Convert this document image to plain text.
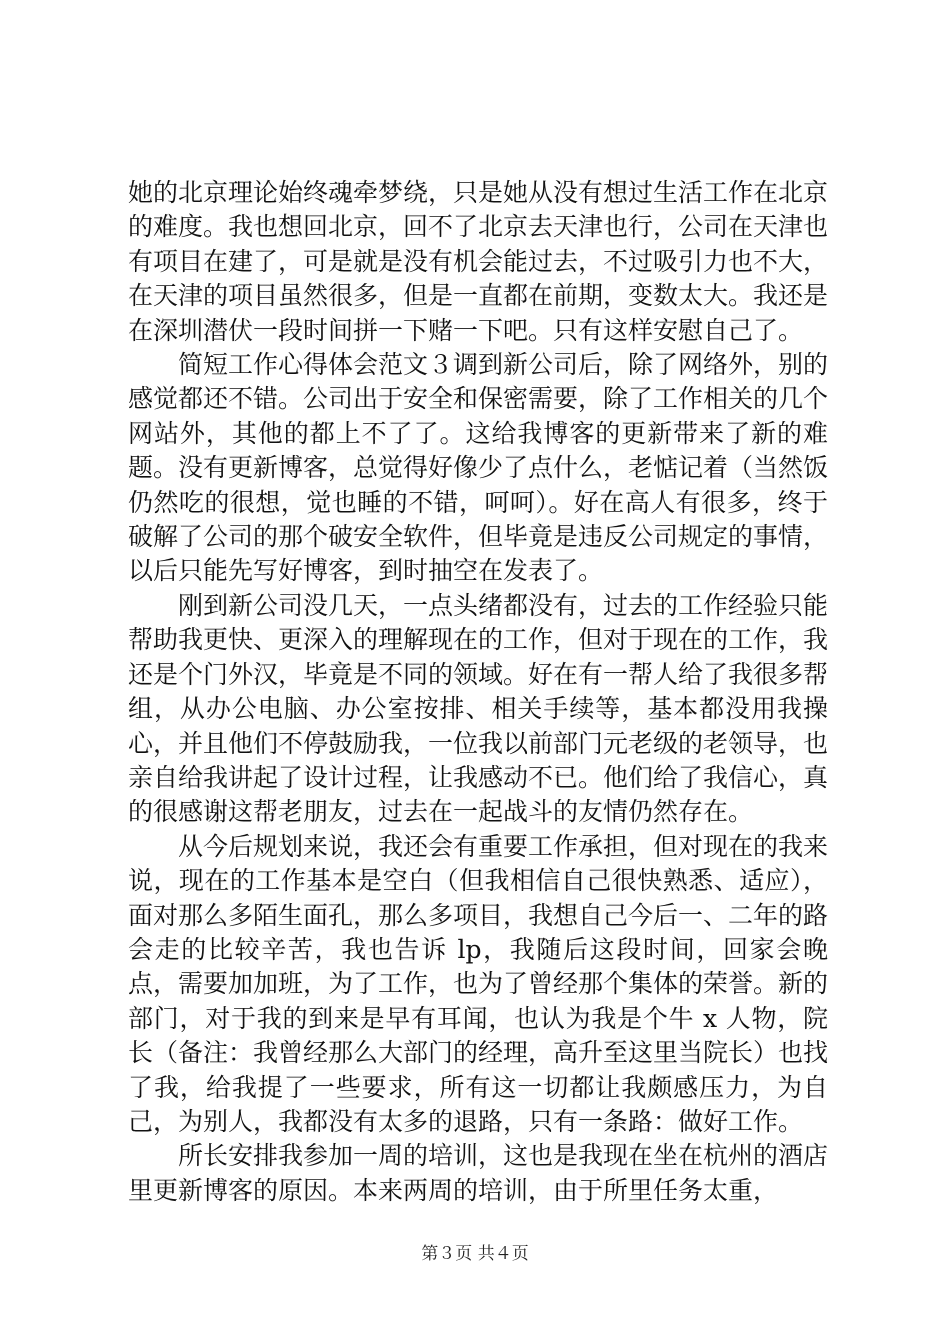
她的北京理论始终魂牵梦绕，只是她从没有想过生活工作在北京的难度。我也想回北京，回不了北京去天津也行，公司在天津也有项目在建了，可是就是没有机会能过去，不过吸引力也不大，在天津的项目虽然很多，但是一直都在前期，变数太大。我还是在深圳潜伏一段时间拼一下赌一下吧。只有这样安慰自己了。

　　简短工作心得体会范文３调到新公司后，除了网络外，别的感觉都还不错。公司出于安全和保密需要，除了工作相关的几个网站外，其他的都上不了了。这给我博客的更新带来了新的难题。没有更新博客，总觉得好像少了点什么，老惦记着（当然饭仍然吃的很想，觉也睡的不错，呵呵）。好在高人有很多，终于破解了公司的那个破安全软件，但毕竟是违反公司规定的事情，以后只能先写好博客，到时抽空在发表了。

　　刚到新公司没几天，一点头绪都没有，过去的工作经验只能帮助我更快、更深入的理解现在的工作，但对于现在的工作，我还是个门外汉，毕竟是不同的领域。好在有一帮人给了我很多帮组，从办公电脑、办公室按排、相关手续等，基本都没用我操心，并且他们不停鼓励我，一位我以前部门元老级的老领导，也亲自给我讲起了设计过程，让我感动不已。他们给了我信心，真的很感谢这帮老朋友，过去在一起战斗的友情仍然存在。

　　从今后规划来说，我还会有重要工作承担，但对现在的我来说，现在的工作基本是空白（但我相信自己很快熟悉、适应），面对那么多陌生面孔，那么多项目，我想自己今后一、二年的路会走的比较辛苦，我也告诉 lp，我随后这段时间，回家会晚点，需要加加班，为了工作，也为了曾经那个集体的荣誉。新的部门，对于我的到来是早有耳闻，也认为我是个牛 x 人物，院长（备注：我曾经那么大部门的经理，高升至这里当院长）也找了我，给我提了一些要求，所有这一切都让我颇感压力，为自己，为别人，我都没有太多的退路，只有一条路：做好工作。

　　所长安排我参加一周的培训，这也是我现在坐在杭州的酒店里更新博客的原因。本来两周的培训，由于所里任务太重，

第３页 共４页
